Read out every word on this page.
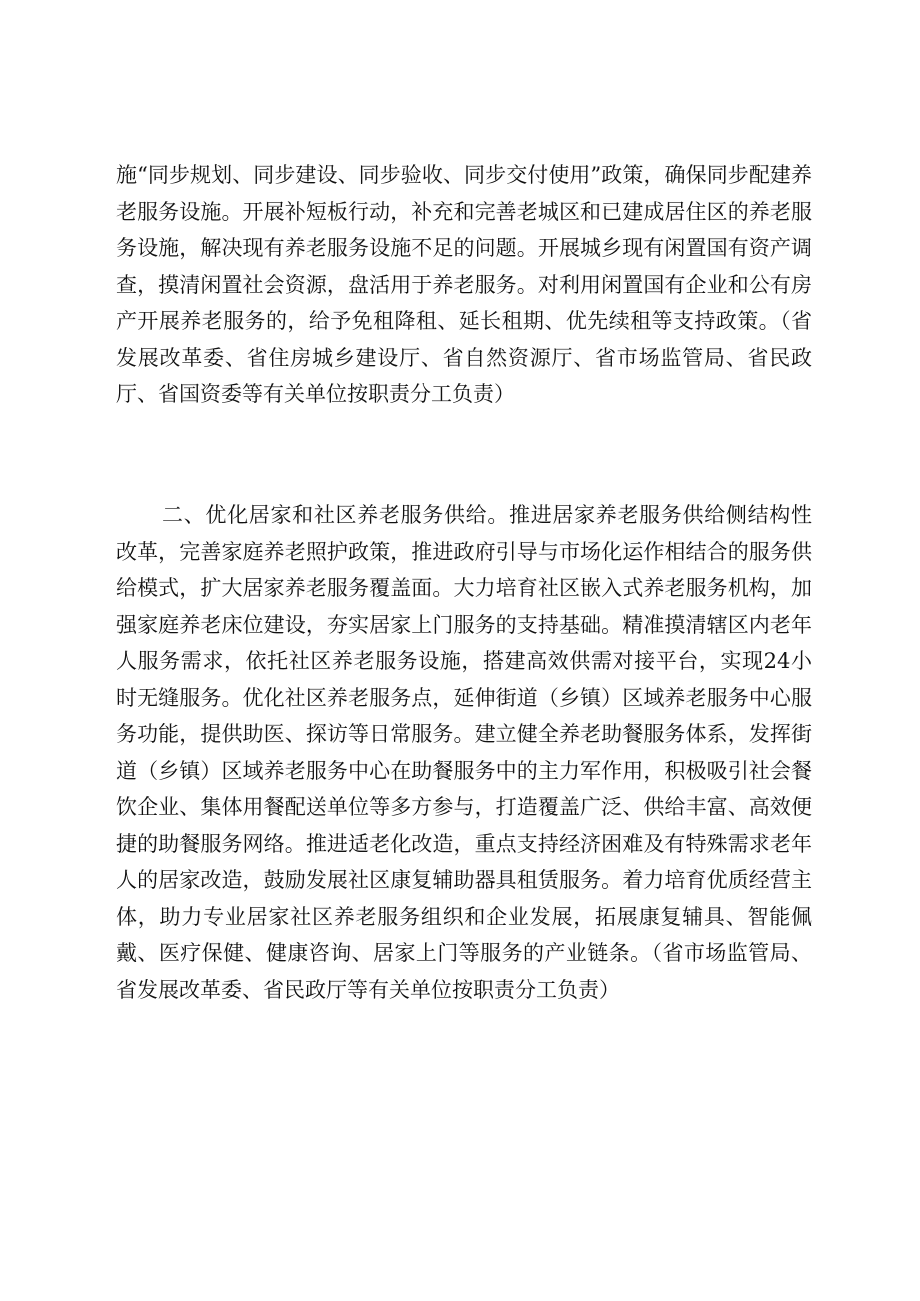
施“同步规划、同步建设、同步验收、同步交付使用”政策，确保同步配建养老服务设施。开展补短板行动，补充和完善老城区和已建成居住区的养老服务设施，解决现有养老服务设施不足的问题。开展城乡现有闲置国有资产调查，摸清闲置社会资源，盘活用于养老服务。对利用闲置国有企业和公有房产开展养老服务的，给予免租降租、延长租期、优先续租等支持政策。（省发展改革委、省住房城乡建设厅、省自然资源厅、省市场监管局、省民政厅、省国资委等有关单位按职责分工负责）

二、优化居家和社区养老服务供给。推进居家养老服务供给侧结构性改革，完善家庭养老照护政策，推进政府引导与市场化运作相结合的服务供给模式，扩大居家养老服务覆盖面。大力培育社区嵌入式养老服务机构，加强家庭养老床位建设，夯实居家上门服务的支持基础。精准摸清辖区内老年人服务需求，依托社区养老服务设施，搭建高效供需对接平台，实现24小时无缝服务。优化社区养老服务点，延伸街道（乡镇）区域养老服务中心服务功能，提供助医、探访等日常服务。建立健全养老助餐服务体系，发挥街道（乡镇）区域养老服务中心在助餐服务中的主力军作用，积极吸引社会餐饮企业、集体用餐配送单位等多方参与，打造覆盖广泛、供给丰富、高效便捷的助餐服务网络。推进适老化改造，重点支持经济困难及有特殊需求老年人的居家改造，鼓励发展社区康复辅助器具租赁服务。着力培育优质经营主体，助力专业居家社区养老服务组织和企业发展，拓展康复辅具、智能佩戴、医疗保健、健康咨询、居家上门等服务的产业链条。（省市场监管局、省发展改革委、省民政厅等有关单位按职责分工负责）
